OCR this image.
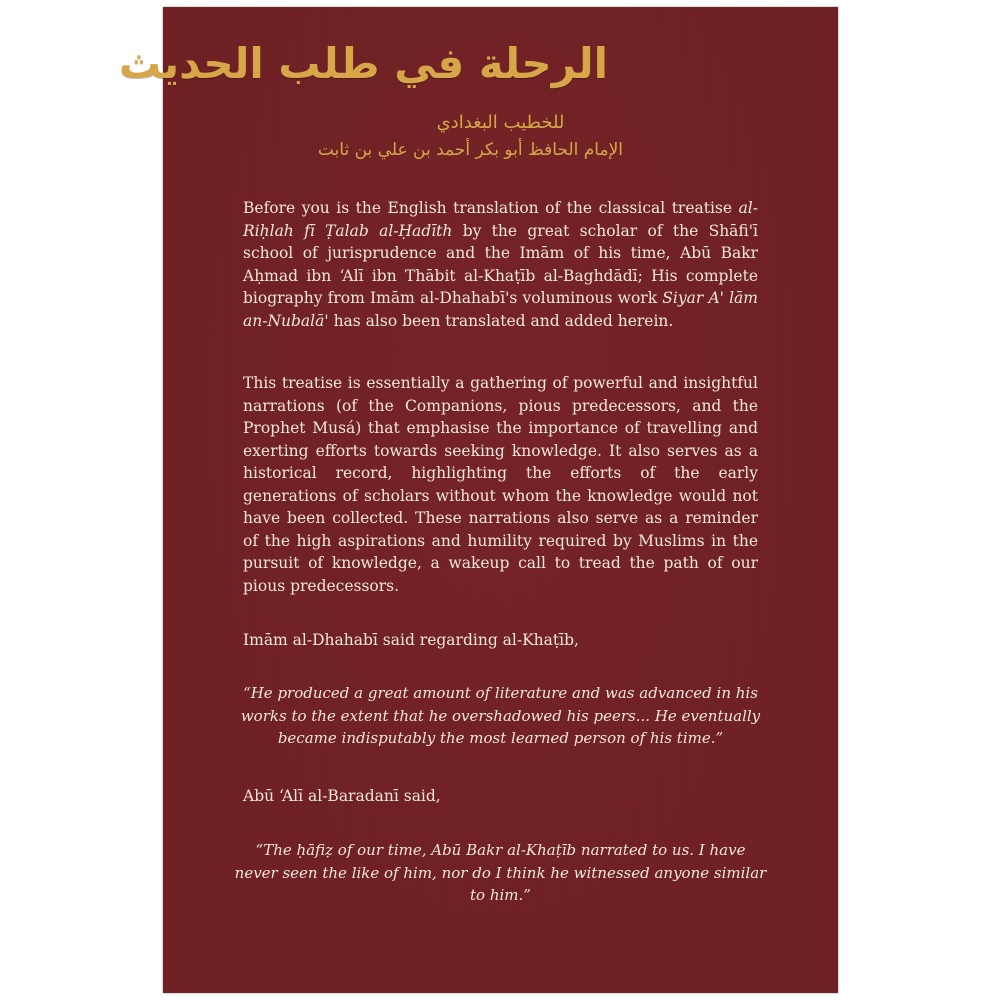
الرحلة في طلب الحديث
للخطيب البغدادي
الإمام الحافظ أبو بكر أحمد بن علي بن ثابت

Before you is the English translation of the classical treatise al-Riḥlah fī Ṭalab al-Ḥadīth by the great scholar of the Shāfi'ī school of jurisprudence and the Imām of his time, Abū Bakr Aḥmad ibn ‘Alī ibn Thābit al-Khaṭīb al-Baghdādī; His complete biography from Imām al-Dhahabī's voluminous work Siyar A' lām an-Nubalā' has also been translated and added herein.

This treatise is essentially a gathering of powerful and insightful narrations (of the Companions, pious predecessors, and the Prophet Musá) that emphasise the importance of travelling and exerting efforts towards seeking knowledge. It also serves as a historical record, highlighting the efforts of the early generations of scholars without whom the knowledge would not have been collected. These narrations also serve as a reminder of the high aspirations and humility required by Muslims in the pursuit of knowledge, a wakeup call to tread the path of our pious predecessors.

Imām al-Dhahabī said regarding al-Khaṭīb,

“He produced a great amount of literature and was advanced in his works to the extent that he overshadowed his peers... He eventually became indisputably the most learned person of his time.”

Abū ‘Alī al-Baradanī said,

“The ḥāfiẓ of our time, Abū Bakr al-Khaṭīb narrated to us. I have never seen the like of him, nor do I think he witnessed anyone similar to him.”
